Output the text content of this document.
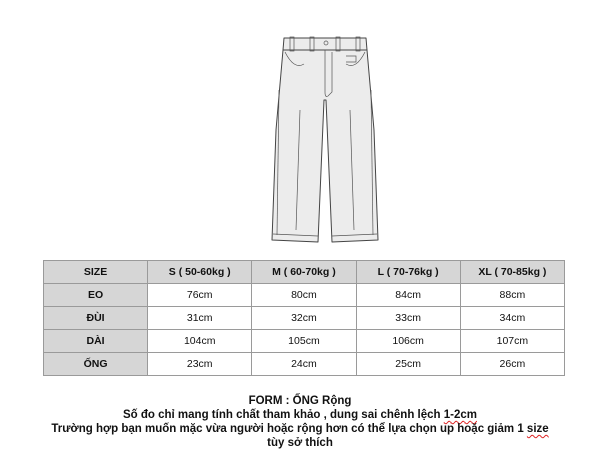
SIZE	S ( 50-60kg )	M ( 60-70kg )	L ( 70-76kg )	XL ( 70-85kg )
EO	76cm	80cm	84cm	88cm
ĐÙI	31cm	32cm	33cm	34cm
DÀI	104cm	105cm	106cm	107cm
ỐNG	23cm	24cm	25cm	26cm
FORM : ỐNG Rộng
Số đo chỉ mang tính chất tham khảo , dung sai chênh lệch 1-2cm
Trường hợp bạn muốn mặc vừa người hoặc rộng hơn có thể lựa chọn up hoặc giảm 1 size
tùy sở thích
